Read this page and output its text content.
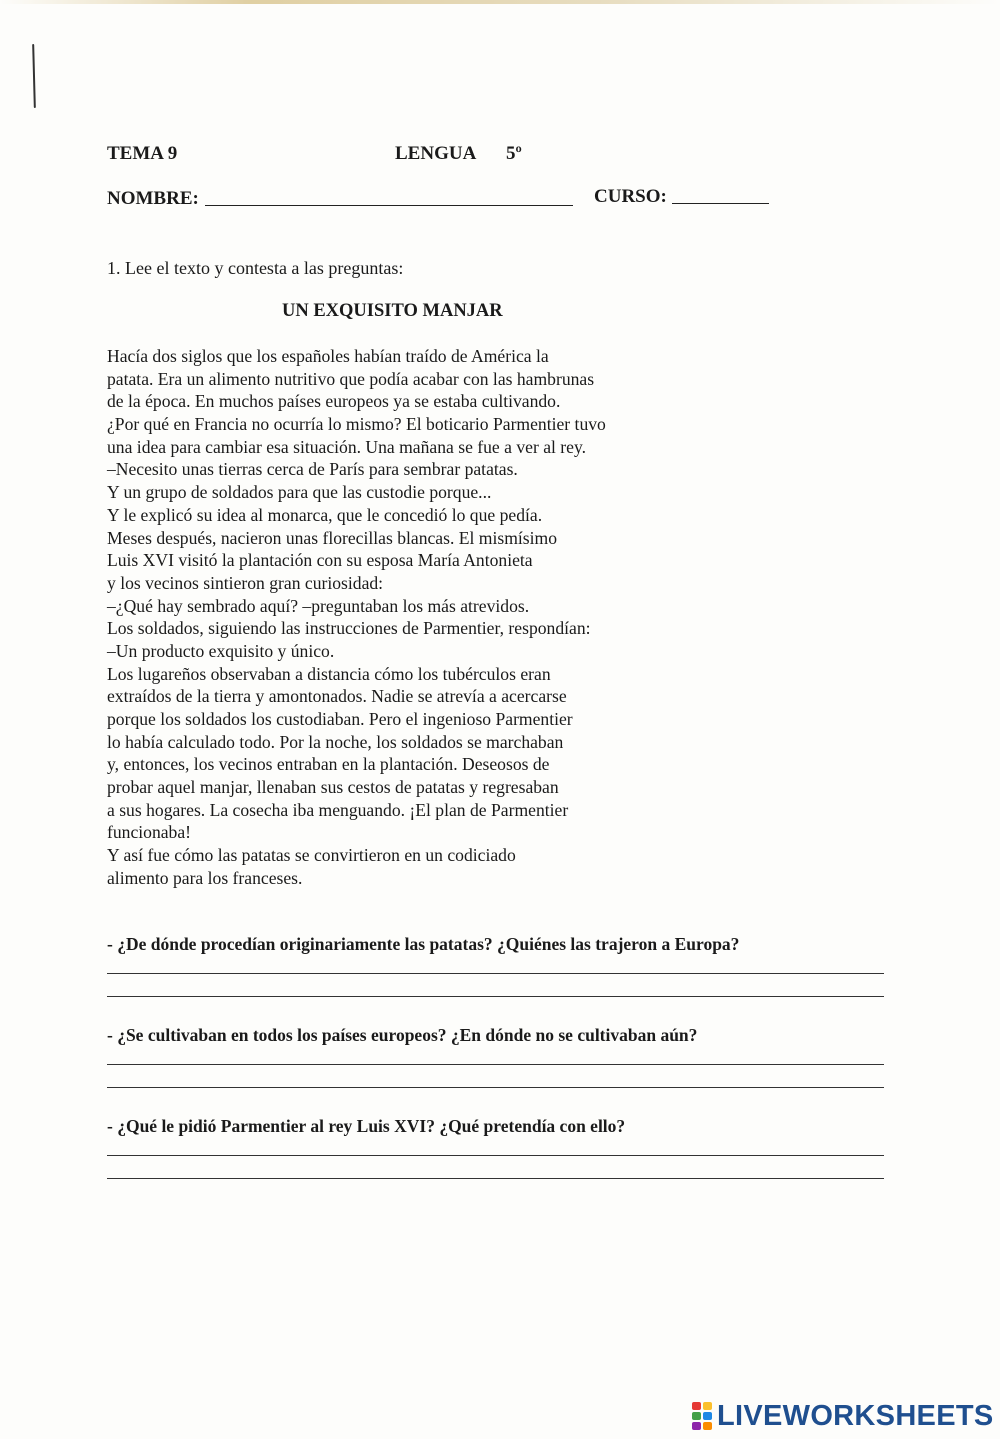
TEMA 9	LENGUA 5º
NOMBRE:	CURSO:
1. Lee el texto y contesta a las preguntas:
UN EXQUISITO MANJAR
Hacía dos siglos que los españoles habían traído de América la
patata. Era un alimento nutritivo que podía acabar con las hambrunas
de la época. En muchos países europeos ya se estaba cultivando.
¿Por qué en Francia no ocurría lo mismo? El boticario Parmentier tuvo
una idea para cambiar esa situación. Una mañana se fue a ver al rey.
–Necesito unas tierras cerca de París para sembrar patatas.
Y un grupo de soldados para que las custodie porque...
Y le explicó su idea al monarca, que le concedió lo que pedía.
Meses después, nacieron unas florecillas blancas. El mismísimo
Luis XVI visitó la plantación con su esposa María Antonieta
y los vecinos sintieron gran curiosidad:
–¿Qué hay sembrado aquí? –preguntaban los más atrevidos.
Los soldados, siguiendo las instrucciones de Parmentier, respondían:
–Un producto exquisito y único.
Los lugareños observaban a distancia cómo los tubérculos eran
extraídos de la tierra y amontonados. Nadie se atrevía a acercarse
porque los soldados los custodiaban. Pero el ingenioso Parmentier
lo había calculado todo. Por la noche, los soldados se marchaban
y, entonces, los vecinos entraban en la plantación. Deseosos de
probar aquel manjar, llenaban sus cestos de patatas y regresaban
a sus hogares. La cosecha iba menguando. ¡El plan de Parmentier
funcionaba!
Y así fue cómo las patatas se convirtieron en un codiciado
alimento para los franceses.
- ¿De dónde procedían originariamente las patatas? ¿Quiénes las trajeron a Europa?
- ¿Se cultivaban en todos los países europeos? ¿En dónde no se cultivaban aún?
- ¿Qué le pidió Parmentier al rey Luis XVI? ¿Qué pretendía con ello?
LIVEWORKSHEETS
